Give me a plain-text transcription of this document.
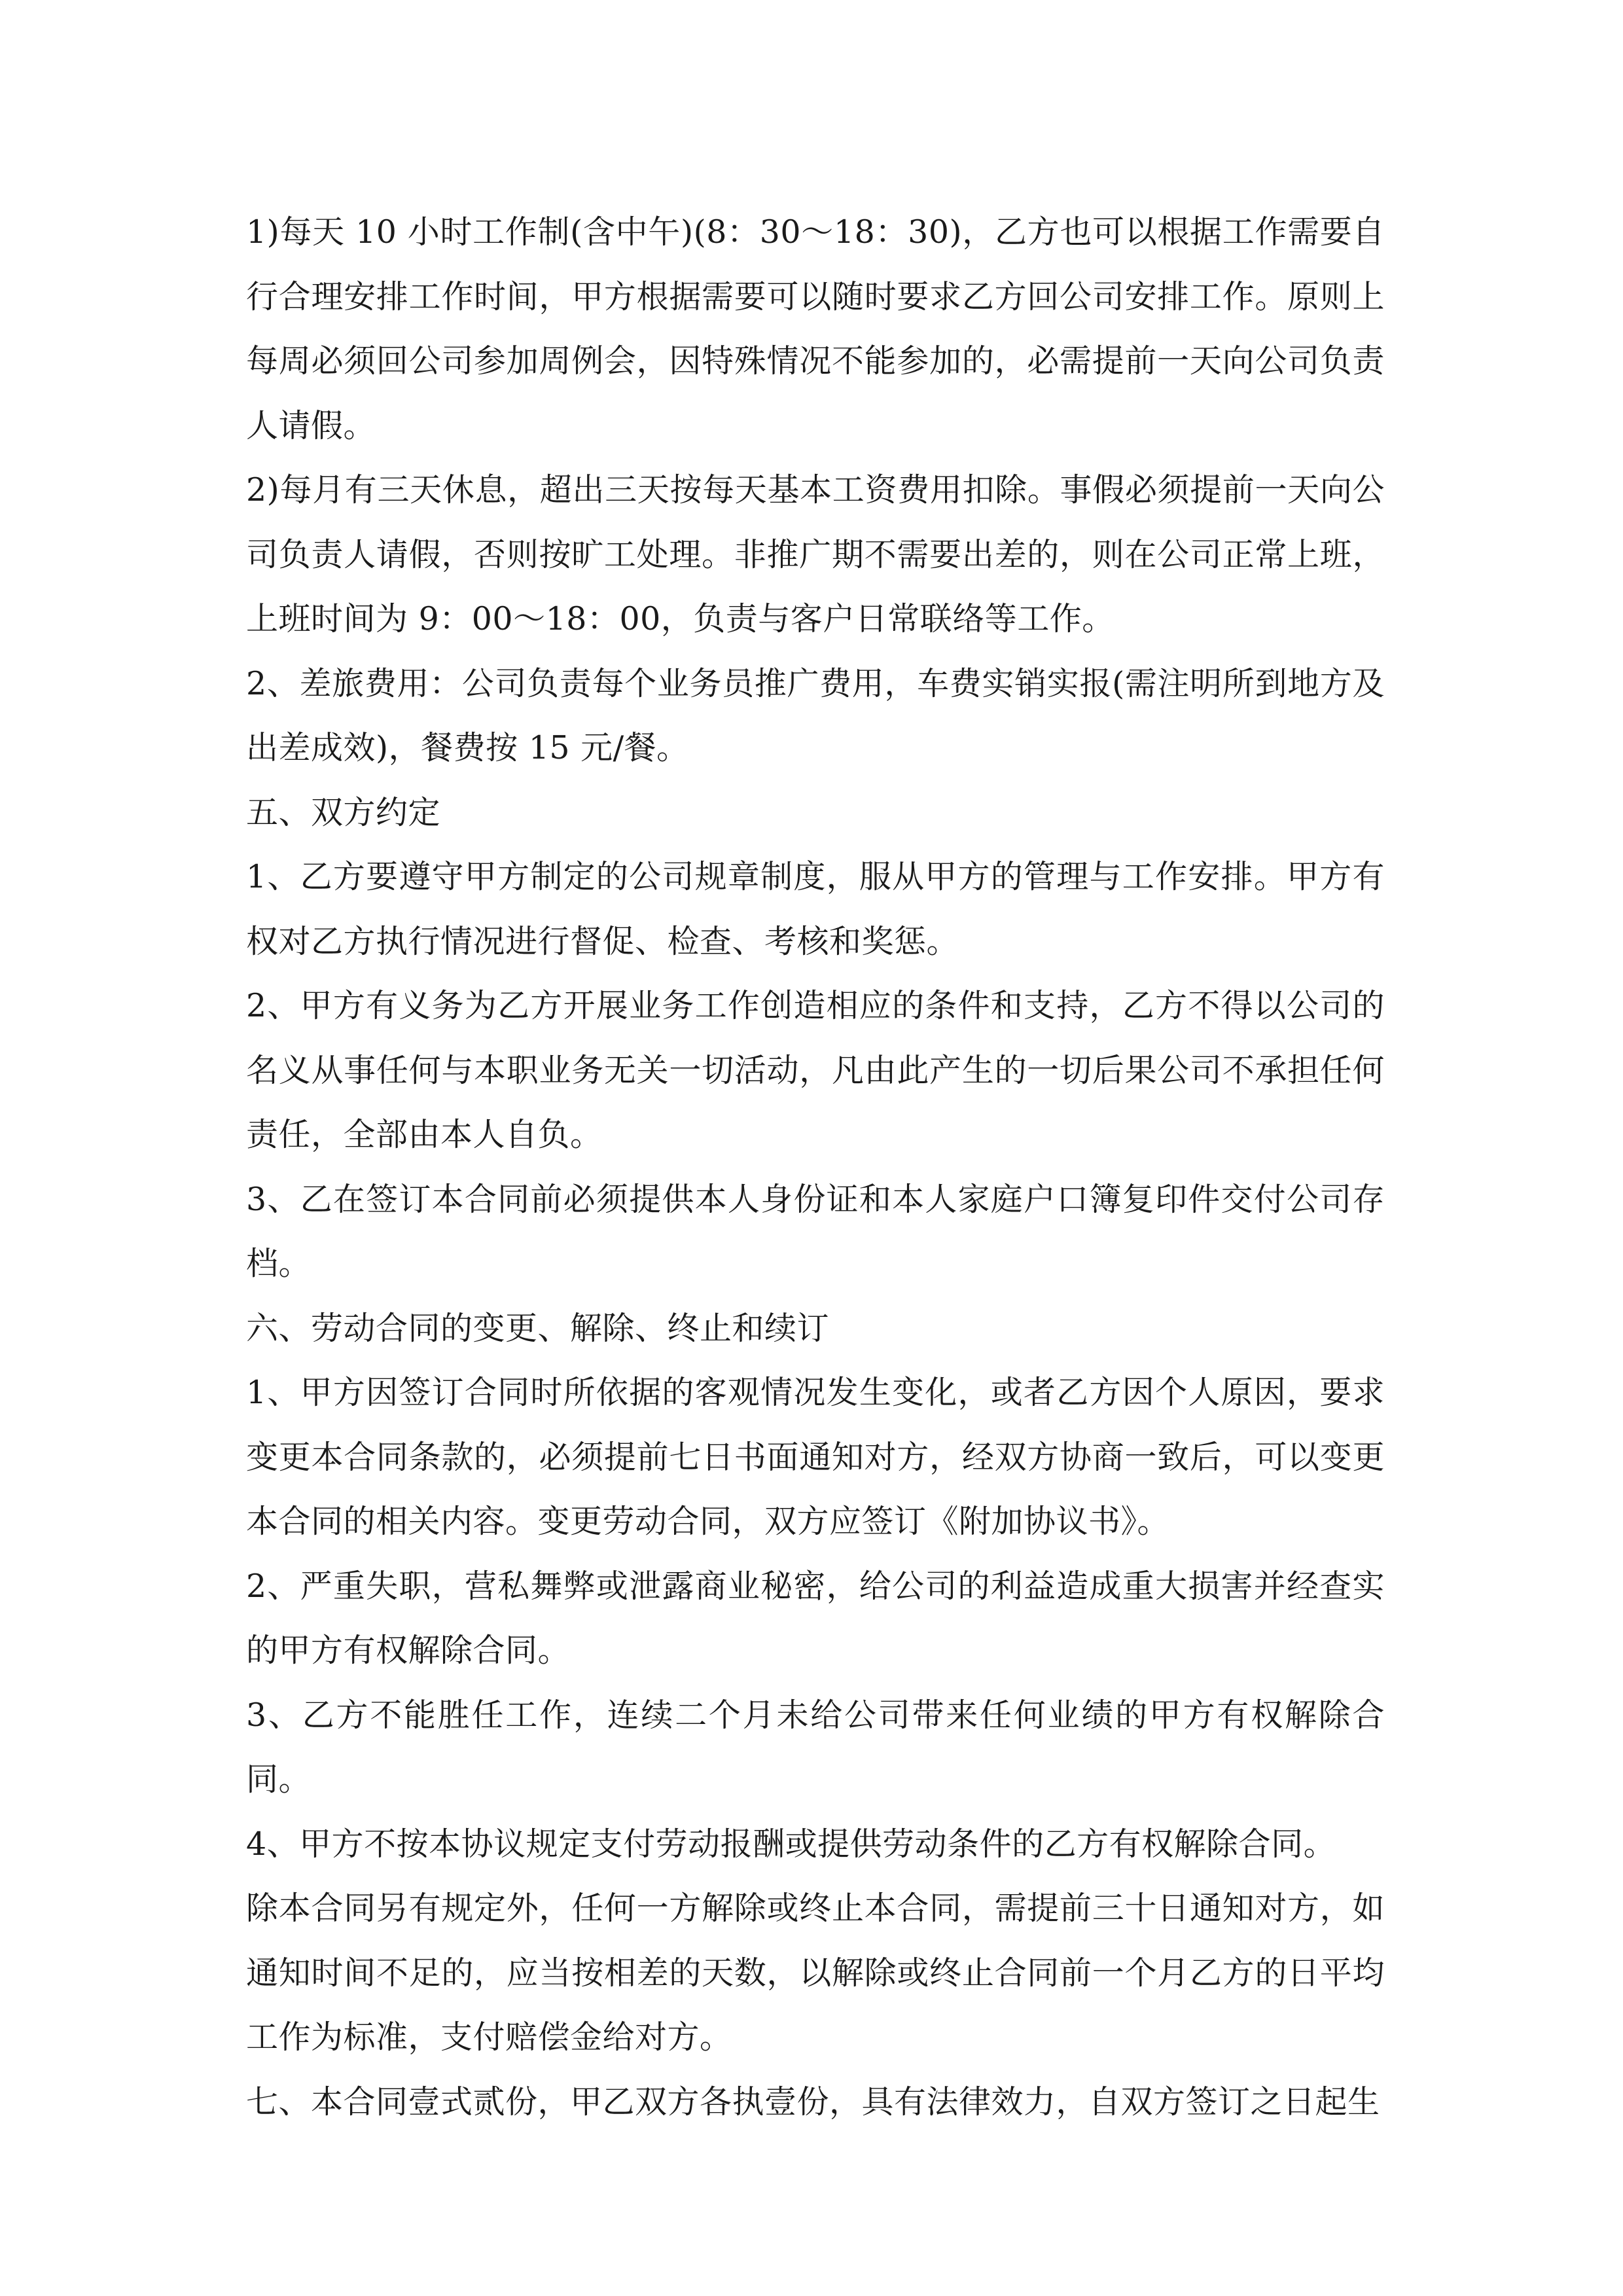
1)每天 10 小时工作制(含中午)(8：30～18：30)，乙方也可以根据工作需要自行合理安排工作时间，甲方根据需要可以随时要求乙方回公司安排工作。原则上每周必须回公司参加周例会，因特殊情况不能参加的，必需提前一天向公司负责人请假。

2)每月有三天休息，超出三天按每天基本工资费用扣除。事假必须提前一天向公司负责人请假，否则按旷工处理。非推广期不需要出差的，则在公司正常上班，上班时间为 9：00～18：00，负责与客户日常联络等工作。

2、差旅费用：公司负责每个业务员推广费用，车费实销实报(需注明所到地方及出差成效)，餐费按 15 元/餐。

五、双方约定

1、乙方要遵守甲方制定的公司规章制度，服从甲方的管理与工作安排。甲方有权对乙方执行情况进行督促、检查、考核和奖惩。

2、甲方有义务为乙方开展业务工作创造相应的条件和支持，乙方不得以公司的名义从事任何与本职业务无关一切活动，凡由此产生的一切后果公司不承担任何责任，全部由本人自负。

3、乙在签订本合同前必须提供本人身份证和本人家庭户口簿复印件交付公司存档。

六、劳动合同的变更、解除、终止和续订

1、甲方因签订合同时所依据的客观情况发生变化，或者乙方因个人原因，要求变更本合同条款的，必须提前七日书面通知对方，经双方协商一致后，可以变更本合同的相关内容。变更劳动合同，双方应签订《附加协议书》。

2、严重失职，营私舞弊或泄露商业秘密，给公司的利益造成重大损害并经查实的甲方有权解除合同。

3、乙方不能胜任工作，连续二个月未给公司带来任何业绩的甲方有权解除合同。

4、甲方不按本协议规定支付劳动报酬或提供劳动条件的乙方有权解除合同。

除本合同另有规定外，任何一方解除或终止本合同，需提前三十日通知对方，如通知时间不足的，应当按相差的天数，以解除或终止合同前一个月乙方的日平均工作为标准，支付赔偿金给对方。

七、本合同壹式贰份，甲乙双方各执壹份，具有法律效力，自双方签订之日起生
